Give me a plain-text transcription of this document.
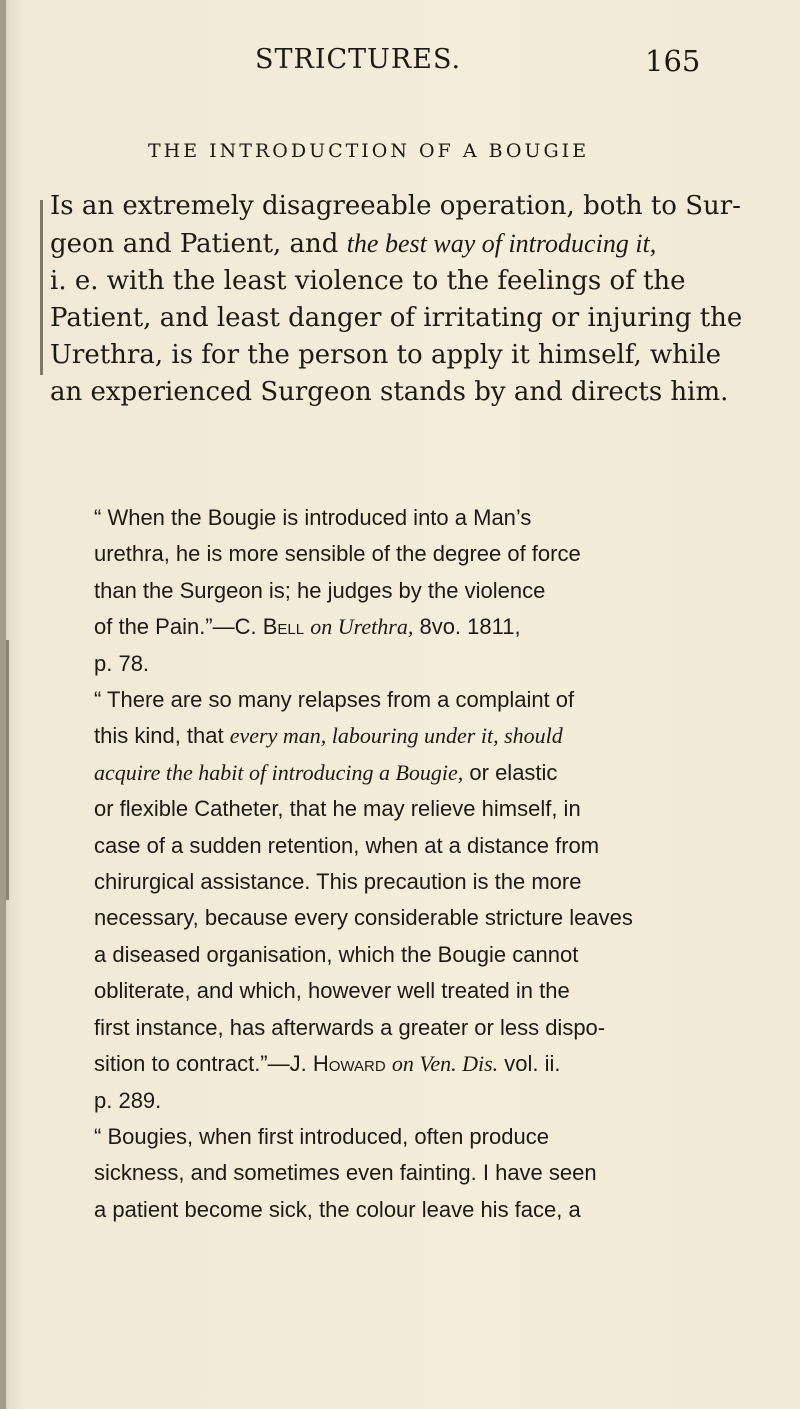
STRICTURES.	165
THE INTRODUCTION OF A BOUGIE

Is an extremely disagreeable operation, both to Sur-

geon and Patient, and the best way of introducing it,

i. e. with the least violence to the feelings of the

Patient, and least danger of irritating or injuring the

Urethra, is for the person to apply it himself, while

an experienced Surgeon stands by and directs him.

“ When the Bougie is introduced into a Man’s

urethra, he is more sensible of the degree of force

than the Surgeon is; he judges by the violence

of the Pain.”—C. Bell on Urethra, 8vo. 1811,

p. 78.

“ There are so many relapses from a complaint of

this kind, that every man, labouring under it, should

acquire the habit of introducing a Bougie, or elastic

or flexible Catheter, that he may relieve himself, in

case of a sudden retention, when at a distance from

chirurgical assistance. This precaution is the more

necessary, because every considerable stricture leaves

a diseased organisation, which the Bougie cannot

obliterate, and which, however well treated in the

first instance, has afterwards a greater or less dispo-

sition to contract.”—J. Howard on Ven. Dis. vol. ii.

p. 289.

“ Bougies, when first introduced, often produce

sickness, and sometimes even fainting. I have seen

a patient become sick, the colour leave his face, a
